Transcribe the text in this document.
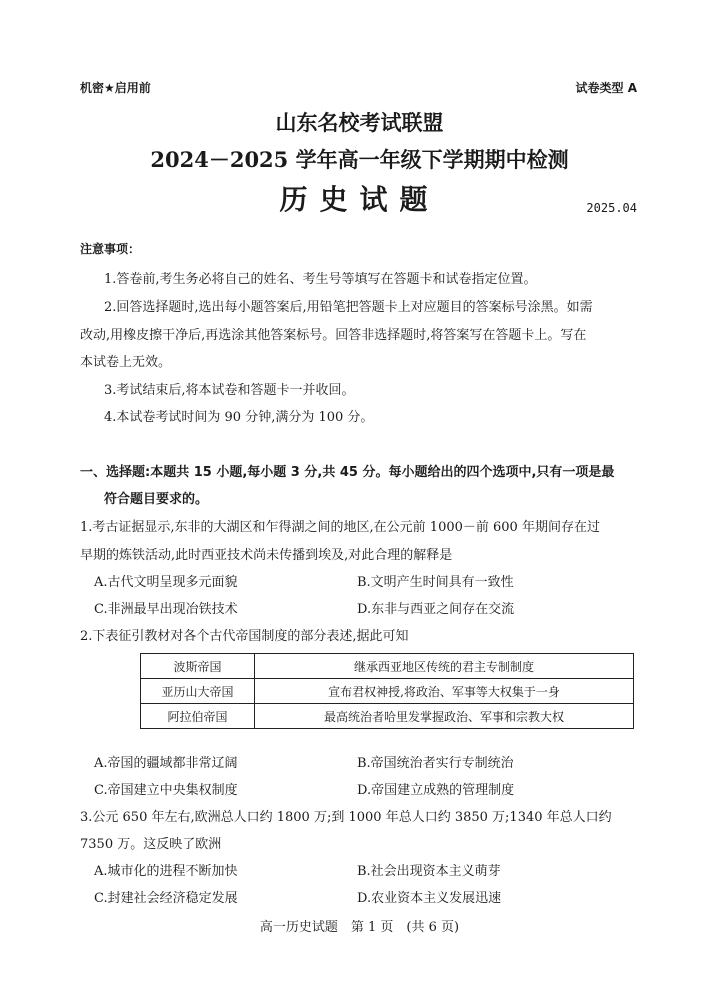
机密★启用前	试卷类型 A
山东名校考试联盟
2024－2025 学年高一年级下学期期中检测
历史试题	2025.04
注意事项：
1.答卷前,考生务必将自己的姓名、考生号等填写在答题卡和试卷指定位置。
2.回答选择题时,选出每小题答案后,用铅笔把答题卡上对应题目的答案标号涂黑。如需
改动,用橡皮擦干净后,再选涂其他答案标号。回答非选择题时,将答案写在答题卡上。写在
本试卷上无效。
3.考试结束后,将本试卷和答题卡一并收回。
4.本试卷考试时间为 90 分钟,满分为 100 分。
一、选择题:本题共 15 小题,每小题 3 分,共 45 分。每小题给出的四个选项中,只有一项是最
符合题目要求的。
1.考古证据显示,东非的大湖区和乍得湖之间的地区,在公元前 1000－前 600 年期间存在过
早期的炼铁活动,此时西亚技术尚未传播到埃及,对此合理的解释是
A.古代文明呈现多元面貌	B.文明产生时间具有一致性
C.非洲最早出现冶铁技术	D.东非与西亚之间存在交流
2.下表征引教材对各个古代帝国制度的部分表述,据此可知
波斯帝国	继承西亚地区传统的君主专制制度
亚历山大帝国	宣布君权神授,将政治、军事等大权集于一身
阿拉伯帝国	最高统治者哈里发掌握政治、军事和宗教大权
A.帝国的疆域都非常辽阔	B.帝国统治者实行专制统治
C.帝国建立中央集权制度	D.帝国建立成熟的管理制度
3.公元 650 年左右,欧洲总人口约 1800 万;到 1000 年总人口约 3850 万;1340 年总人口约
7350 万。这反映了欧洲
A.城市化的进程不断加快	B.社会出现资本主义萌芽
C.封建社会经济稳定发展	D.农业资本主义发展迅速
高一历史试题　第 1 页　(共 6 页)
